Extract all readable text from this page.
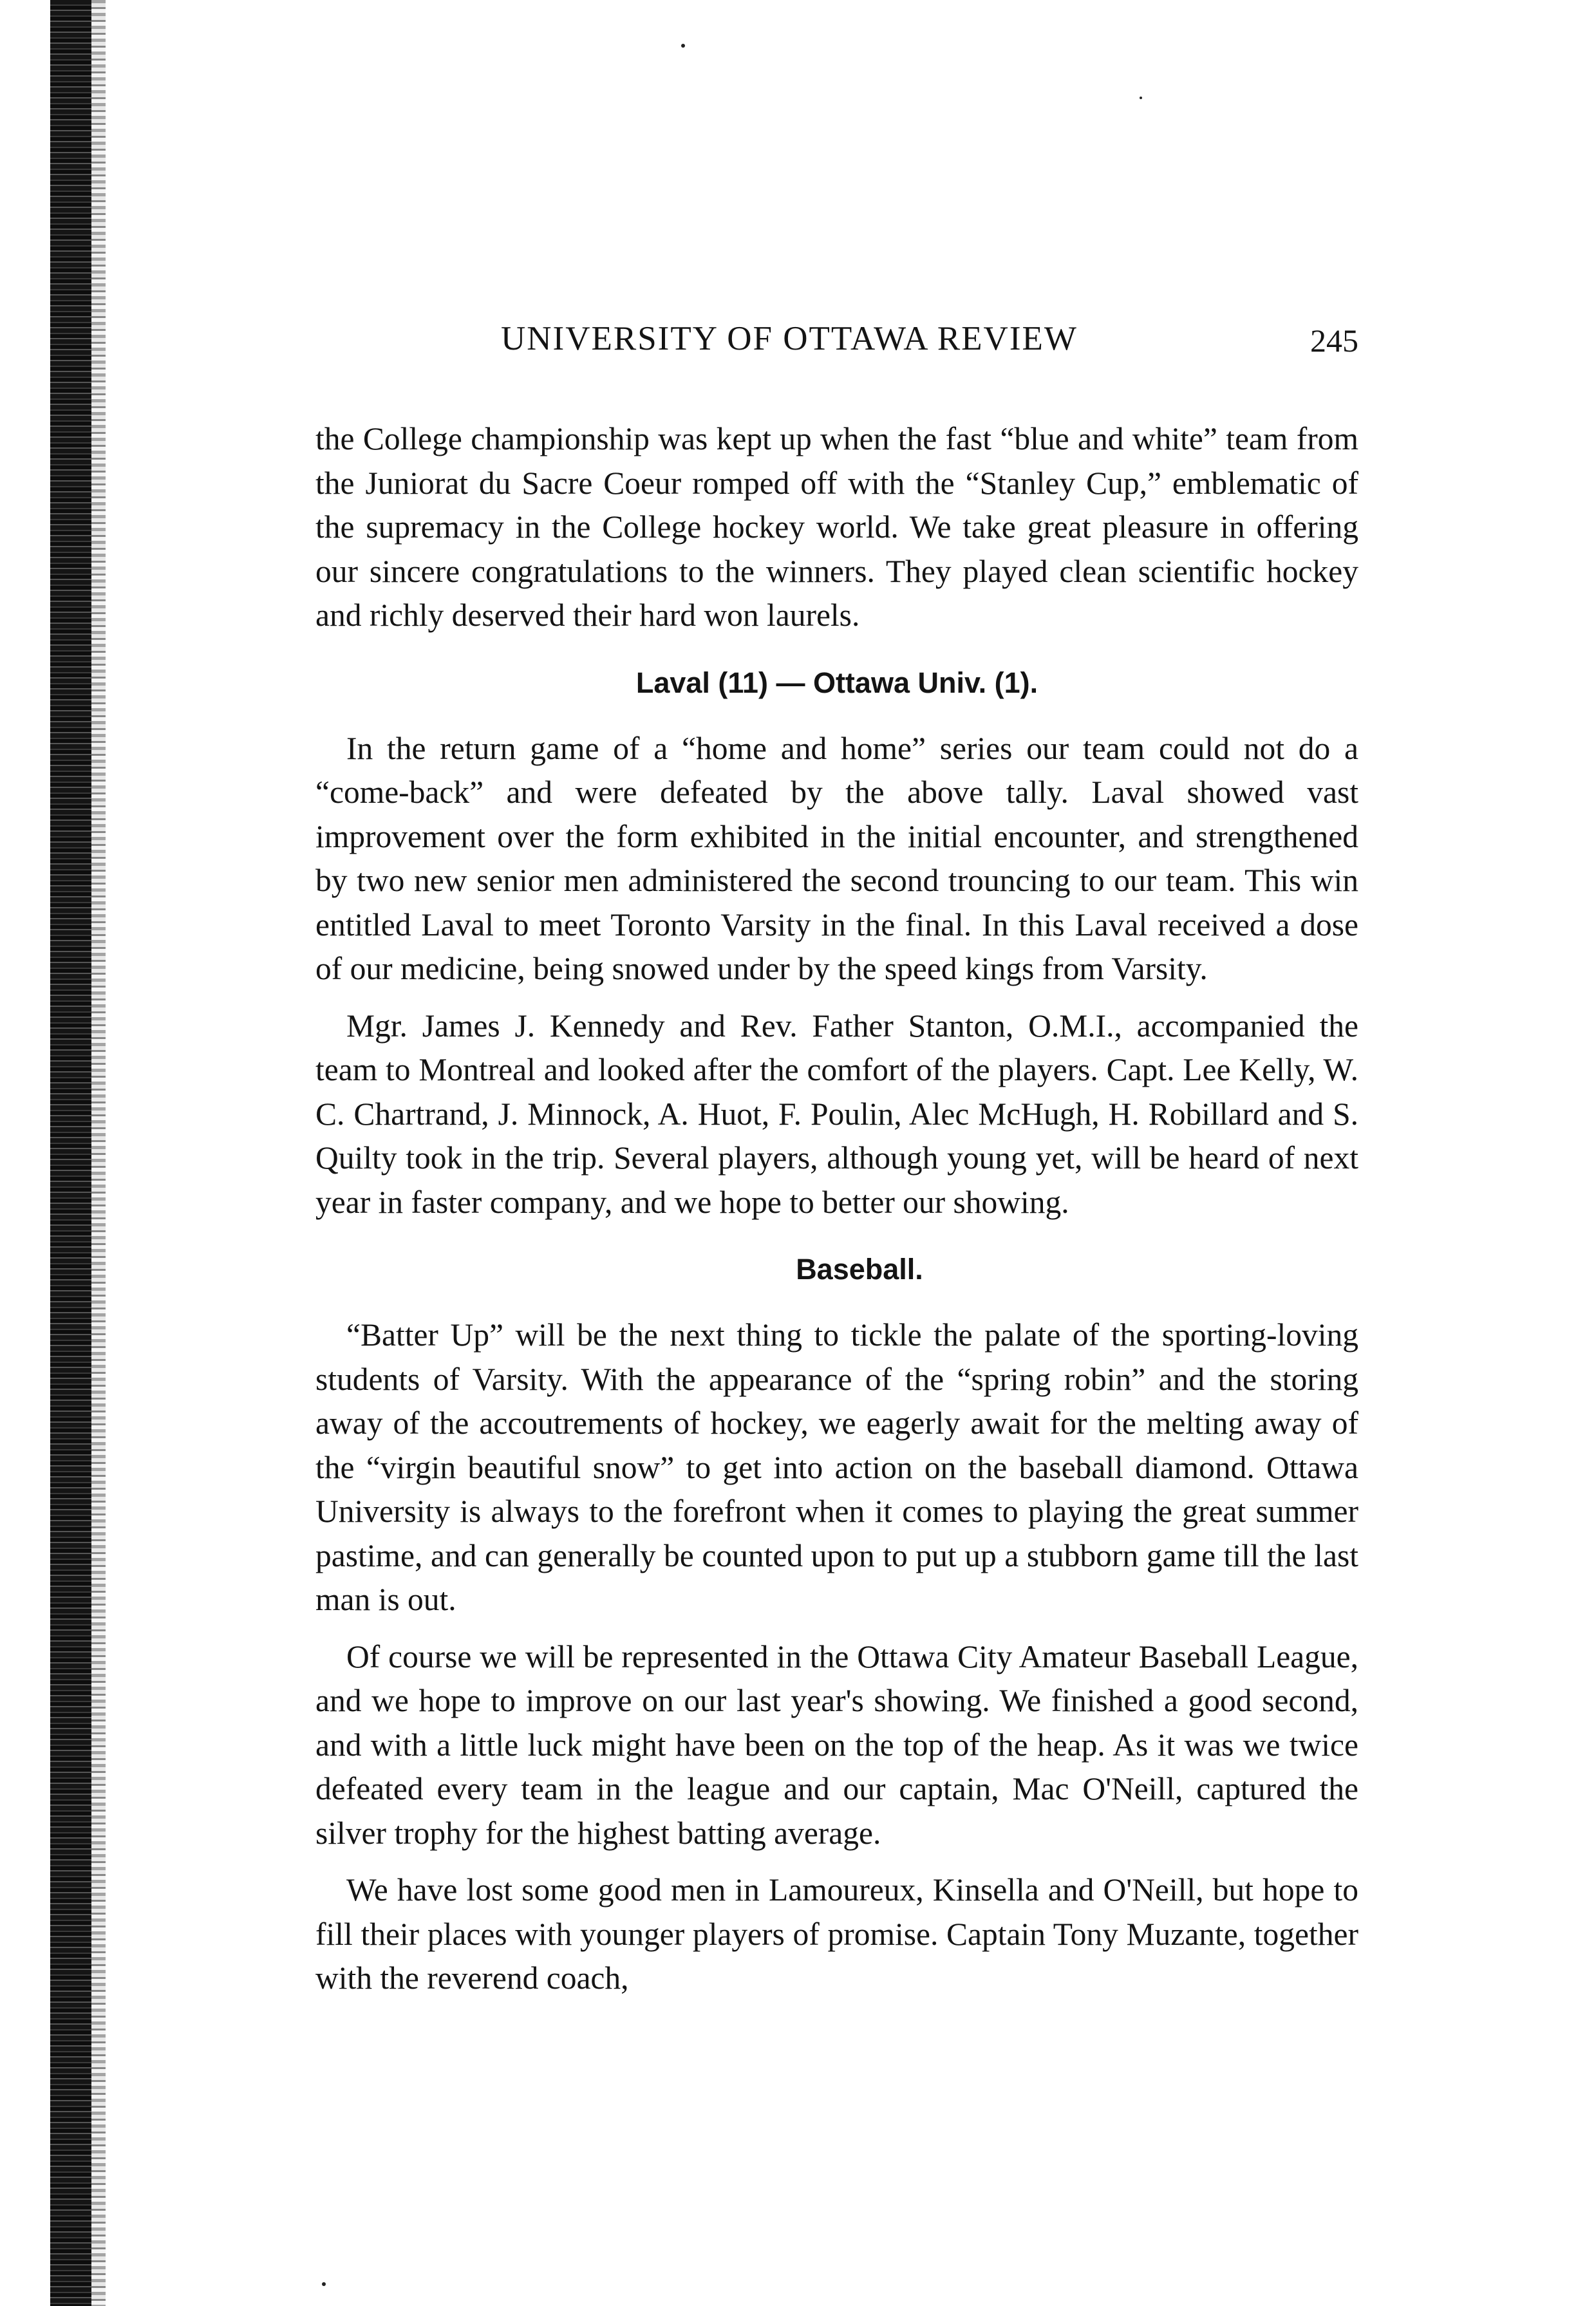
UNIVERSITY OF OTTAWA REVIEW	245

the College championship was kept up when the fast “blue and white” team from the Juniorat du Sacre Coeur romped off with the “Stanley Cup,” emblematic of the supremacy in the College hockey world. We take great pleasure in offering our sincere congratulations to the winners. They played clean scientific hockey and richly deserved their hard won laurels.

Laval (11) — Ottawa Univ. (1).

In the return game of a “home and home” series our team could not do a “come-back” and were defeated by the above tally. Laval showed vast improvement over the form exhibited in the initial encounter, and strengthened by two new senior men administered the second trouncing to our team. This win entitled Laval to meet Toronto Varsity in the final. In this Laval received a dose of our medicine, being snowed under by the speed kings from Varsity.

Mgr. James J. Kennedy and Rev. Father Stanton, O.M.I., accompanied the team to Montreal and looked after the comfort of the players. Capt. Lee Kelly, W. C. Chartrand, J. Minnock, A. Huot, F. Poulin, Alec McHugh, H. Robillard and S. Quilty took in the trip. Several players, although young yet, will be heard of next year in faster company, and we hope to better our showing.

Baseball.

“Batter Up” will be the next thing to tickle the palate of the sporting-loving students of Varsity. With the appearance of the “spring robin” and the storing away of the accoutrements of hockey, we eagerly await for the melting away of the “virgin beautiful snow” to get into action on the baseball diamond. Ottawa University is always to the forefront when it comes to playing the great summer pastime, and can generally be counted upon to put up a stubborn game till the last man is out.

Of course we will be represented in the Ottawa City Amateur Baseball League, and we hope to improve on our last year's showing. We finished a good second, and with a little luck might have been on the top of the heap. As it was we twice defeated every team in the league and our captain, Mac O'Neill, captured the silver trophy for the highest batting average.

We have lost some good men in Lamoureux, Kinsella and O'Neill, but hope to fill their places with younger players of promise. Captain Tony Muzante, together with the reverend coach,
